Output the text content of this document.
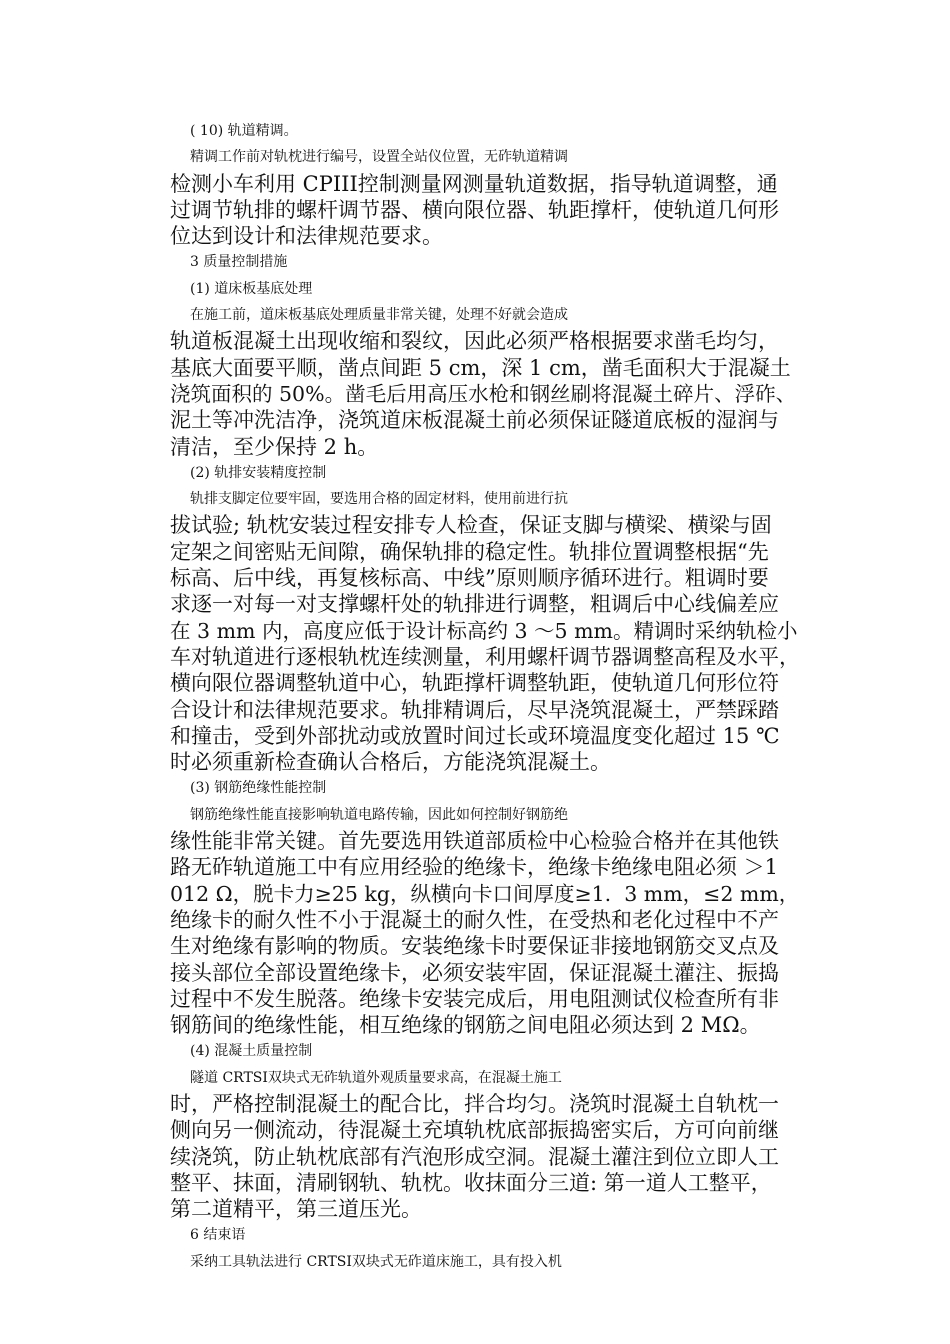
( 10) 轨道精调。
精调工作前对轨枕进行编号，设置全站仪位置，无砟轨道精调
检测小车利用 CPIII控制测量网测量轨道数据，指导轨道调整，通
过调节轨排的螺杆调节器、横向限位器、轨距撑杆，使轨道几何形
位达到设计和法律规范要求。
3 质量控制措施
(1) 道床板基底处理
在施工前，道床板基底处理质量非常关键，处理不好就会造成
轨道板混凝土出现收缩和裂纹，因此必须严格根据要求凿毛均匀，
基底大面要平顺，凿点间距 5 cm，深 1 cm，凿毛面积大于混凝土
浇筑面积的 50%。凿毛后用高压水枪和钢丝刷将混凝土碎片、浮砟、
泥土等冲洗洁净，浇筑道床板混凝土前必须保证隧道底板的湿润与
清洁，至少保持 2 h。
(2) 轨排安装精度控制
轨排支脚定位要牢固，要选用合格的固定材料，使用前进行抗
拔试验; 轨枕安装过程安排专人检查，保证支脚与横梁、横梁与固
定架之间密贴无间隙，确保轨排的稳定性。轨排位置调整根据“先
标高、后中线，再复核标高、中线”原则顺序循环进行。粗调时要
求逐一对每一对支撑螺杆处的轨排进行调整，粗调后中心线偏差应
在 3 mm 内，高度应低于设计标高约 3 ～5 mm。精调时采纳轨检小
车对轨道进行逐根轨枕连续测量，利用螺杆调节器调整高程及水平，
横向限位器调整轨道中心，轨距撑杆调整轨距，使轨道几何形位符
合设计和法律规范要求。轨排精调后，尽早浇筑混凝土，严禁踩踏
和撞击，受到外部扰动或放置时间过长或环境温度变化超过 15 ℃
时必须重新检查确认合格后，方能浇筑混凝土。
(3) 钢筋绝缘性能控制
钢筋绝缘性能直接影响轨道电路传输，因此如何控制好钢筋绝
缘性能非常关键。首先要选用铁道部质检中心检验合格并在其他铁
路无砟轨道施工中有应用经验的绝缘卡，绝缘卡绝缘电阻必须 ＞1
012 Ω，脱卡力≥25 kg，纵横向卡口间厚度≥1.  3 mm，≤2 mm，
绝缘卡的耐久性不小于混凝土的耐久性，在受热和老化过程中不产
生对绝缘有影响的物质。安装绝缘卡时要保证非接地钢筋交叉点及
接头部位全部设置绝缘卡，必须安装牢固，保证混凝土灌注、振捣
过程中不发生脱落。绝缘卡安装完成后，用电阻测试仪检查所有非
钢筋间的绝缘性能，相互绝缘的钢筋之间电阻必须达到 2 MΩ。
(4) 混凝土质量控制
隧道 CRTSⅠ双块式无砟轨道外观质量要求高，在混凝土施工
时，严格控制混凝土的配合比，拌合均匀。浇筑时混凝土自轨枕一
侧向另一侧流动，待混凝土充填轨枕底部振捣密实后，方可向前继
续浇筑，防止轨枕底部有汽泡形成空洞。混凝土灌注到位立即人工
整平、抹面，清刷钢轨、轨枕。收抹面分三道: 第一道人工整平，
第二道精平，第三道压光。
6 结束语
采纳工具轨法进行 CRTSⅠ双块式无砟道床施工，具有投入机
